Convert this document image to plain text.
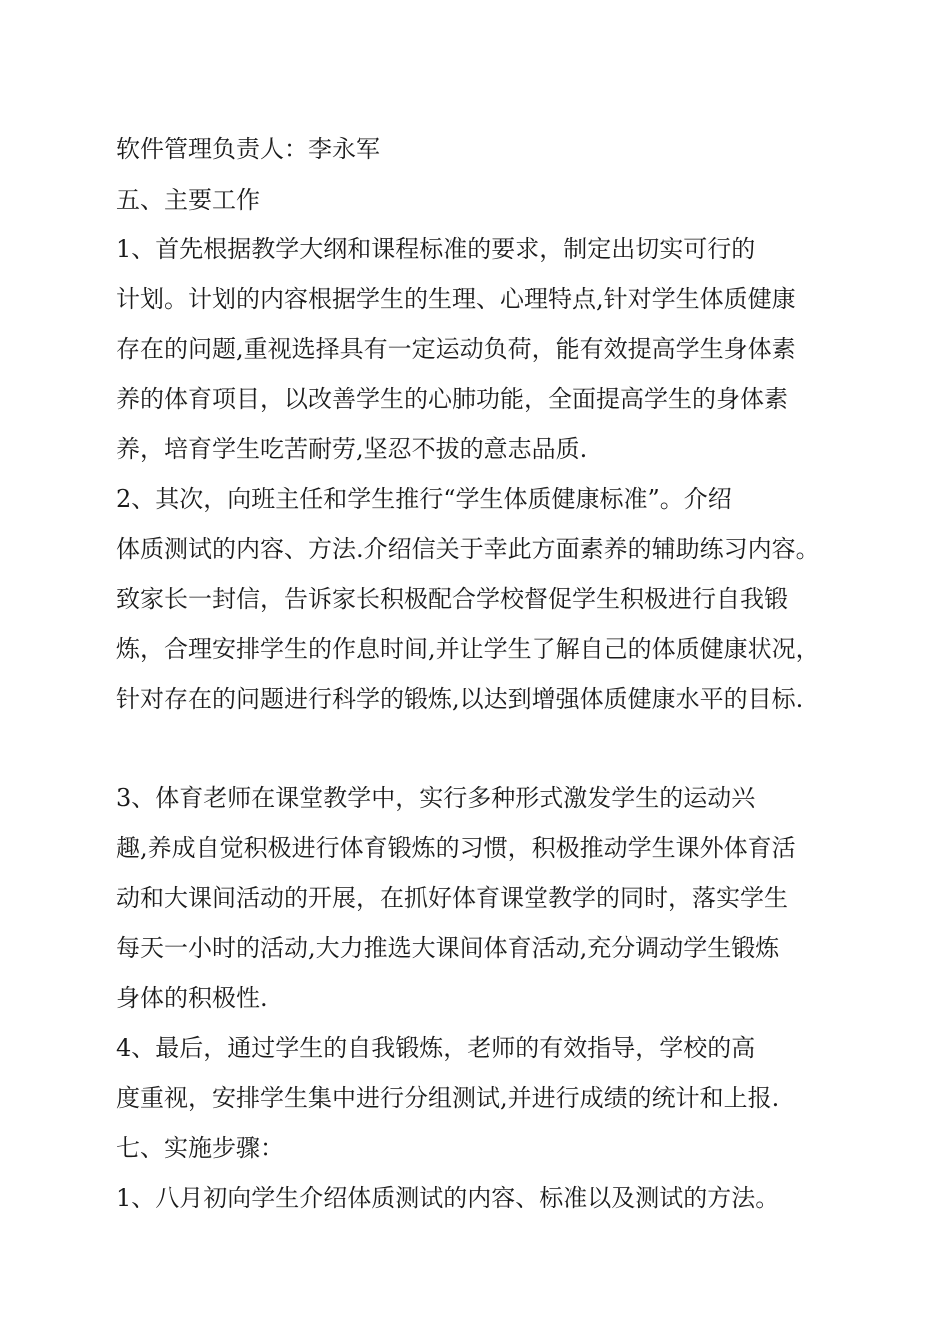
软件管理负责人：李永军
五、主要工作
1、首先根据教学大纲和课程标准的要求，制定出切实可行的
计划。计划的内容根据学生的生理、心理特点,针对学生体质健康
存在的问题,重视选择具有一定运动负荷，能有效提高学生身体素
养的体育项目，以改善学生的心肺功能，全面提高学生的身体素
养，培育学生吃苦耐劳,坚忍不拔的意志品质.
2、其次，向班主任和学生推行“学生体质健康标准”。介绍
体质测试的内容、方法.介绍信关于幸此方面素养的辅助练习内容。
致家长一封信，告诉家长积极配合学校督促学生积极进行自我锻
炼，合理安排学生的作息时间,并让学生了解自己的体质健康状况，
针对存在的问题进行科学的锻炼,以达到增强体质健康水平的目标.
3、体育老师在课堂教学中，实行多种形式激发学生的运动兴
趣,养成自觉积极进行体育锻炼的习惯，积极推动学生课外体育活
动和大课间活动的开展，在抓好体育课堂教学的同时，落实学生
每天一小时的活动,大力推选大课间体育活动,充分调动学生锻炼
身体的积极性.
4、最后，通过学生的自我锻炼，老师的有效指导，学校的高
度重视，安排学生集中进行分组测试,并进行成绩的统计和上报.
七、实施步骤：
1、八月初向学生介绍体质测试的内容、标准以及测试的方法。
